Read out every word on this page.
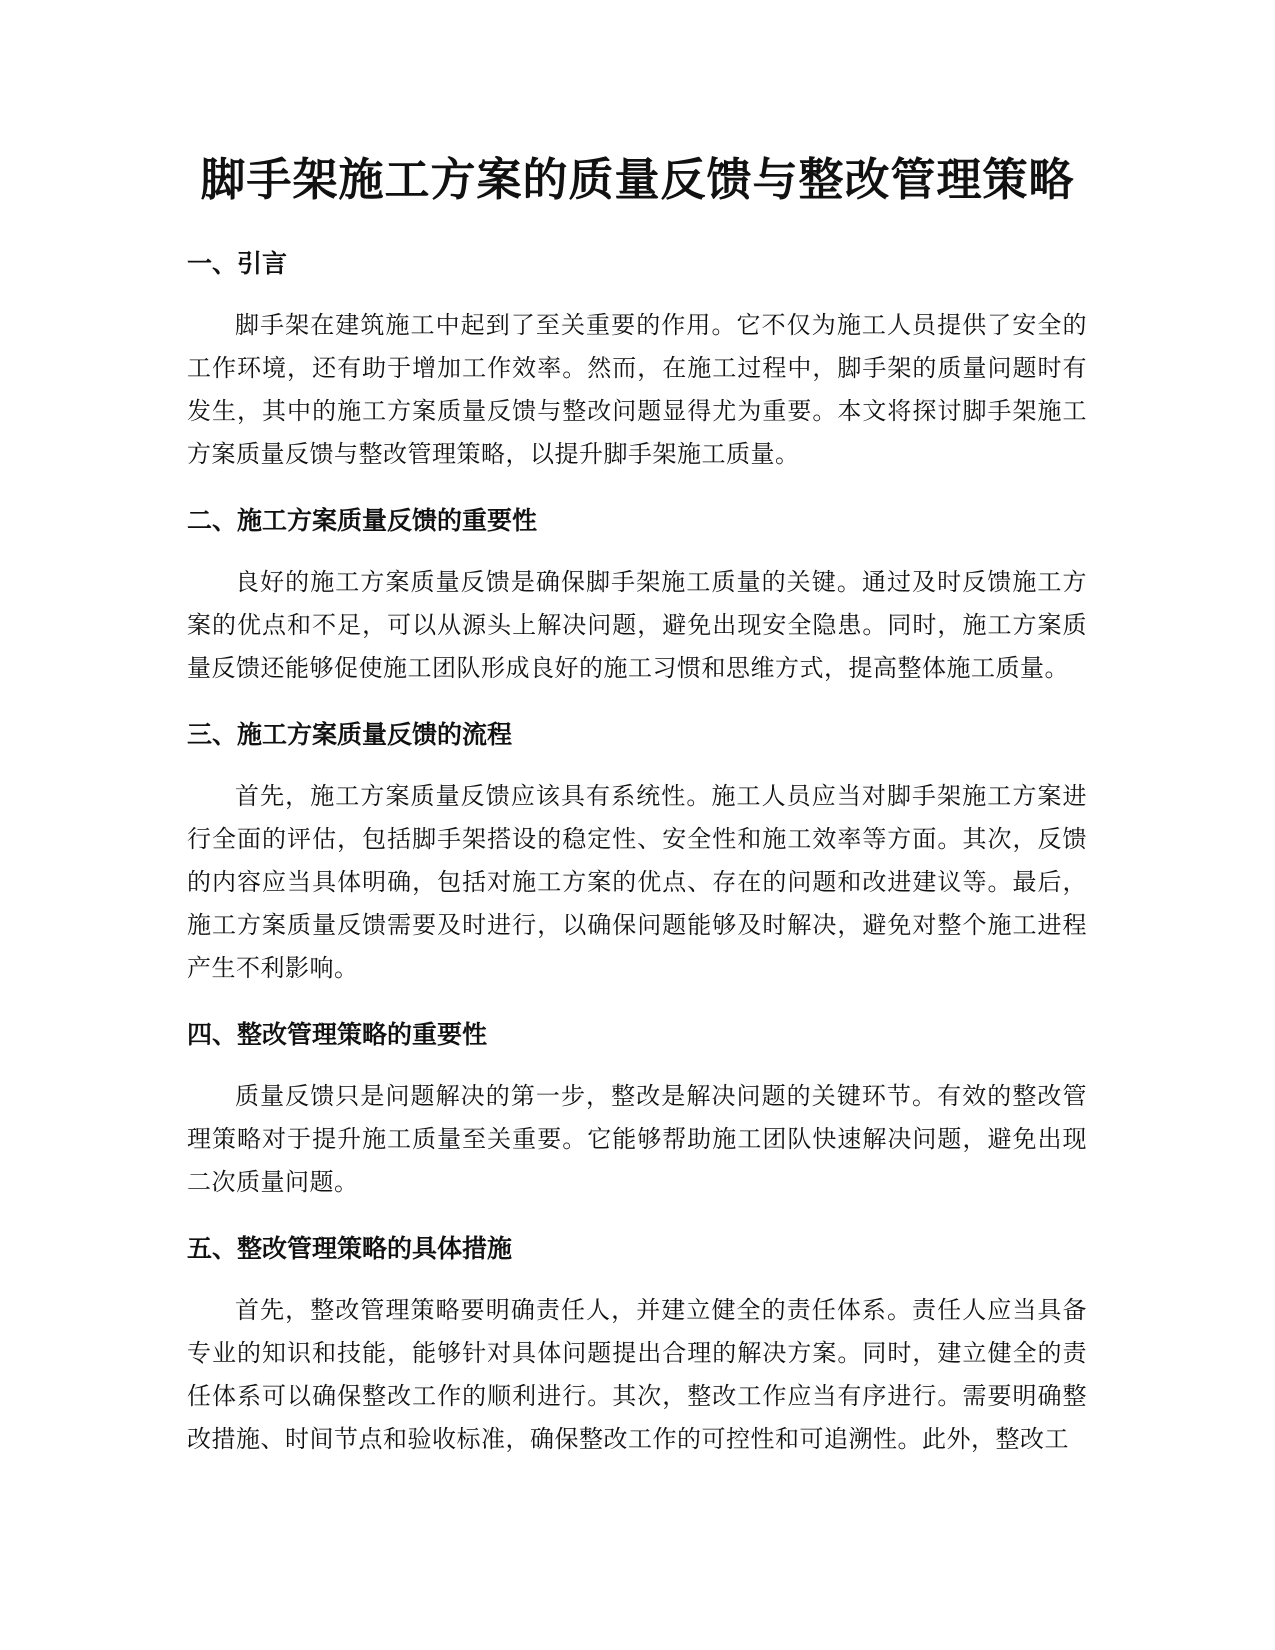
脚手架施工方案的质量反馈与整改管理策略
一、引言

脚手架在建筑施工中起到了至关重要的作用。它不仅为施工人员提供了安全的工作环境，还有助于增加工作效率。然而，在施工过程中，脚手架的质量问题时有发生，其中的施工方案质量反馈与整改问题显得尤为重要。本文将探讨脚手架施工方案质量反馈与整改管理策略，以提升脚手架施工质量。

二、施工方案质量反馈的重要性

良好的施工方案质量反馈是确保脚手架施工质量的关键。通过及时反馈施工方案的优点和不足，可以从源头上解决问题，避免出现安全隐患。同时，施工方案质量反馈还能够促使施工团队形成良好的施工习惯和思维方式，提高整体施工质量。

三、施工方案质量反馈的流程

首先，施工方案质量反馈应该具有系统性。施工人员应当对脚手架施工方案进行全面的评估，包括脚手架搭设的稳定性、安全性和施工效率等方面。其次，反馈的内容应当具体明确，包括对施工方案的优点、存在的问题和改进建议等。最后，施工方案质量反馈需要及时进行，以确保问题能够及时解决，避免对整个施工进程产生不利影响。

四、整改管理策略的重要性

质量反馈只是问题解决的第一步，整改是解决问题的关键环节。有效的整改管理策略对于提升施工质量至关重要。它能够帮助施工团队快速解决问题，避免出现二次质量问题。

五、整改管理策略的具体措施

首先，整改管理策略要明确责任人，并建立健全的责任体系。责任人应当具备专业的知识和技能，能够针对具体问题提出合理的解决方案。同时，建立健全的责任体系可以确保整改工作的顺利进行。其次，整改工作应当有序进行。需要明确整改措施、时间节点和验收标准，确保整改工作的可控性和可追溯性。此外，整改工
